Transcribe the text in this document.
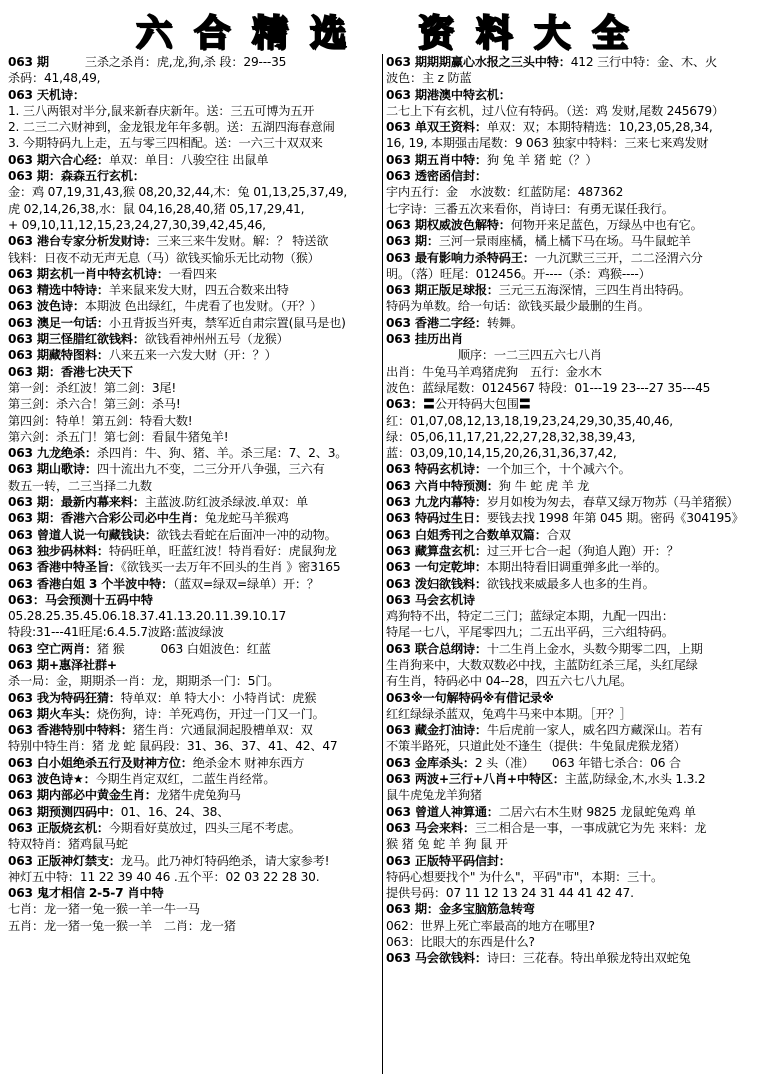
六 合 精 选 资 料 大 全
063 期　　　三杀之杀肖：虎,龙,狗,杀 段：29---35
杀码：41,48,49,
063 天机诗：
1. 三八两银对半分,鼠来新春庆新年。送：三五可博为五开
2. 二三二六财神到，金龙银龙年年多朝。送：五湖四海春意闹
3. 今期特码九上走，五与零三四相配。送：一六三十双双来
063 期六合心经：单双：单目：八骏空往 出鼠单
063 期：森森五行玄机：
金：鸡 07,19,31,43,猴 08,20,32,44,木：兔 01,13,25,37,49,
虎 02,14,26,38,水：鼠 04,16,28,40,猪 05,17,29,41,
+ 09,10,11,12,15,23,24,27,30,39,42,45,46,
063 港台专家分析发财诗：三来三来牛发财。解：？ 特送欲
钱料：日夜不动无声无息（马）欲钱买愉乐无比动物（猴）
063 期玄机一肖中特玄机诗：一看四来
063 精选中特诗：羊来鼠来发大财，四五合数来出特
063 波色诗：本期波 色出绿红，牛虎看了也发财。（开？）
063 澳足一句话：小丑背扳当歼夷，禁军近自肃宗置(鼠马是也)
063 期三怪腊红欲钱料：欲钱看神州州五号（龙猴）
063 期藏特图料：八来五来一六发大财（开：？）
063 期：香港七决天下
第一剑：杀红波！第二剑：3尾!
第三剑：杀六合！第三剑：杀马!
第四剑：特单！第五剑：特看大数!
第六剑：杀五门！第七剑：看鼠牛猪兔羊!
063 九龙绝杀：杀四肖：牛、狗、猪、羊。杀三尾：7、2、3。
063 期山歌诗：四十流出九不变，二三分开八争强，三六有
数五一转，二三当择二九数
063 期：最新内幕来料：主蓝波.防红波杀绿波.单双：单
063 期：香港六合彩公司必中生肖：兔龙蛇马羊猴鸡
063 曾道人说一句藏钱诀：欲钱去看蛇在后面冲一冲的动物。
063 独步码林料：特码旺单，旺蓝红波！特肖看好：虎鼠狗龙
063 香港中特圣旨：《欲钱买一去万年不回头的生肖 》密3165
063 香港白姐 3 个半波中特：（蓝双=绿双=绿单）开：？
063：马会预测十五码中特
05.28.25.35.45.06.18.37.41.13.20.11.39.10.17
特段:31---41旺尾:6.4.5.7波路:蓝波绿波
063 空亡两肖：猪 猴　　　063 白姐波色：红蓝
063 期+惠泽社群+
杀一局：金，期期杀一肖：龙，期期杀一门：5门。
063 我为特码狂猜：特单双：单 特大小：小特肖试：虎猴
063 期火车头：烧伤狗，诗：羊死鸡伤，开过一门又一门。
063 香港特别中特料：猪生肖：穴通鼠洞起股槽单双：双
特别中特生肖：猪 龙 蛇 鼠码段：31、36、37、41、42、47
063 白小姐绝杀五行及财神方位：绝杀金木 财神东西方
063 波色诗★：今期生肖定双红，二蓝生肖经常。
063 期内部必中黄金生肖：龙猪牛虎兔狗马
063 期预测四码中：01、16、24、38、
063 正版烧玄机：今期看好莫放过，四头三尾不考虑。
特双特肖：猪鸡鼠马蛇
063 正版神灯禁支：龙马。此乃神灯特码绝杀，请大家参考!
神灯五中特：11 22 39 40 46 .五个平：02 03 22 28 30.
063 鬼才相信 2-5-7 肖中特
七肖：龙一猪一兔一猴一羊一牛一马
五肖：龙一猪一兔一猴一羊　二肖：龙一猪
063 期期期赢心水报之三头中特：412 三行中特：金、木、火
波色：主 z 防蓝
063 期港澳中特玄机：
二七上下有玄机，过八位有特码。（送：鸡 发财,尾数 245679）
063 单双王资料：单双：双；本期特精选：10,23,05,28,34,
16, 19, 本期强击尾数：9 063 独家中特料：三来七来鸡发财
063 期五肖中特：狗 兔 羊 猪 蛇（？）
063 透密函信封：
宇内五行：金　水波数：红蓝防尾：487362
七字诗：三番五次来看你，肖诗曰：有勇无谋任我行。
063 期权威波色解特：何物开来足蓝色，万绿丛中也有它。
063 期：三河一景雨座橘，橘上橘下马在场。马牛鼠蛇羊
063 最有影响力杀特码王：一九沉默三三开，二二泾渭六分
明。（落）旺尾：012456。开----（杀：鸡猴----）
063 期正版足球报：三元三五海深情，三四生肖出特码。
特码为单数。给一句话：欲钱买最少最删的生肖。
063 香港二字经：转舞。
063 挂历出肖
　　　　　　顺序：一二三四五六七八肖
出肖：牛兔马羊鸡猪虎狗　五行：金水木
波色：蓝绿尾数：0124567 特段：01---19 23---27 35---45
063：〓公开特码大包围〓
红：01,07,08,12,13,18,19,23,24,29,30,35,40,46,
绿：05,06,11,17,21,22,27,28,32,38,39,43,
蓝：03,09,10,14,15,20,26,31,36,37,42,
063 特码玄机诗：一个加三个，十个减六个。
063 六肖中特预测：狗 牛 蛇 虎 羊 龙
063 九龙内幕特：岁月如梭为匆去，春草又绿万物苏（马羊猪猴）
063 特码过生日：要钱去找 1998 年第 045 期。密码《304195》
063 白姐秀刊之合数单双篇：合双
063 藏算盘玄机：过三开七合一起（狗追人跑）开：？
063 一句定乾坤：本期出特看旧调重弹多此一举的。
063 泼妇欲钱料：欲钱找来威最多人也多的生肖。
063 马会玄机诗
鸡狗特不出，特定二三门；蓝绿定本期，九配一四出：
特尾一七八，平尾零四九；二五出平码，三六组特码。
063 联合总纲诗：十二生肖上金水，头数今期零二四，上期
生肖狗来中，大数双数必中找，主蓝防红杀三尾，头红尾绿
有生肖，特码必中 04--28，四五六七八九尾。
063※一句解特码※有借记录※
红红绿绿杀蓝双，兔鸡牛马来中本期。［开？］
063 藏金打油诗：牛后虎前一家人，威名四方藏深山。若有
不策半路死，只道此处不逢生（提供：牛兔鼠虎猴龙猪）
063 金库杀头：2 头（准）　　063 年错七杀合：06 合
063 两波+三行+八肖+中特区：主蓝,防绿金,木,水头 1.3.2
鼠牛虎兔龙羊狗猪
063 曾道人神算通：二居六右木生财 9825 龙鼠蛇兔鸡 单
063 马会来料：三二相合是一事，一事成就它为先 来料：龙
猴 猪 兔 蛇 羊 狗 鼠 开
063 正版特平码信封：
特码心想要找个" 为什么"，平码"市"，本期：三十。
提供号码：07 11 12 13 24 31 44 41 42 47.
063 期：金多宝脑筋急转弯
062：世界上死亡率最高的地方在哪里?
063：比眼大的东西是什么?
063 马会欲钱料：诗曰：三花春。特出单猴龙特出双蛇兔
